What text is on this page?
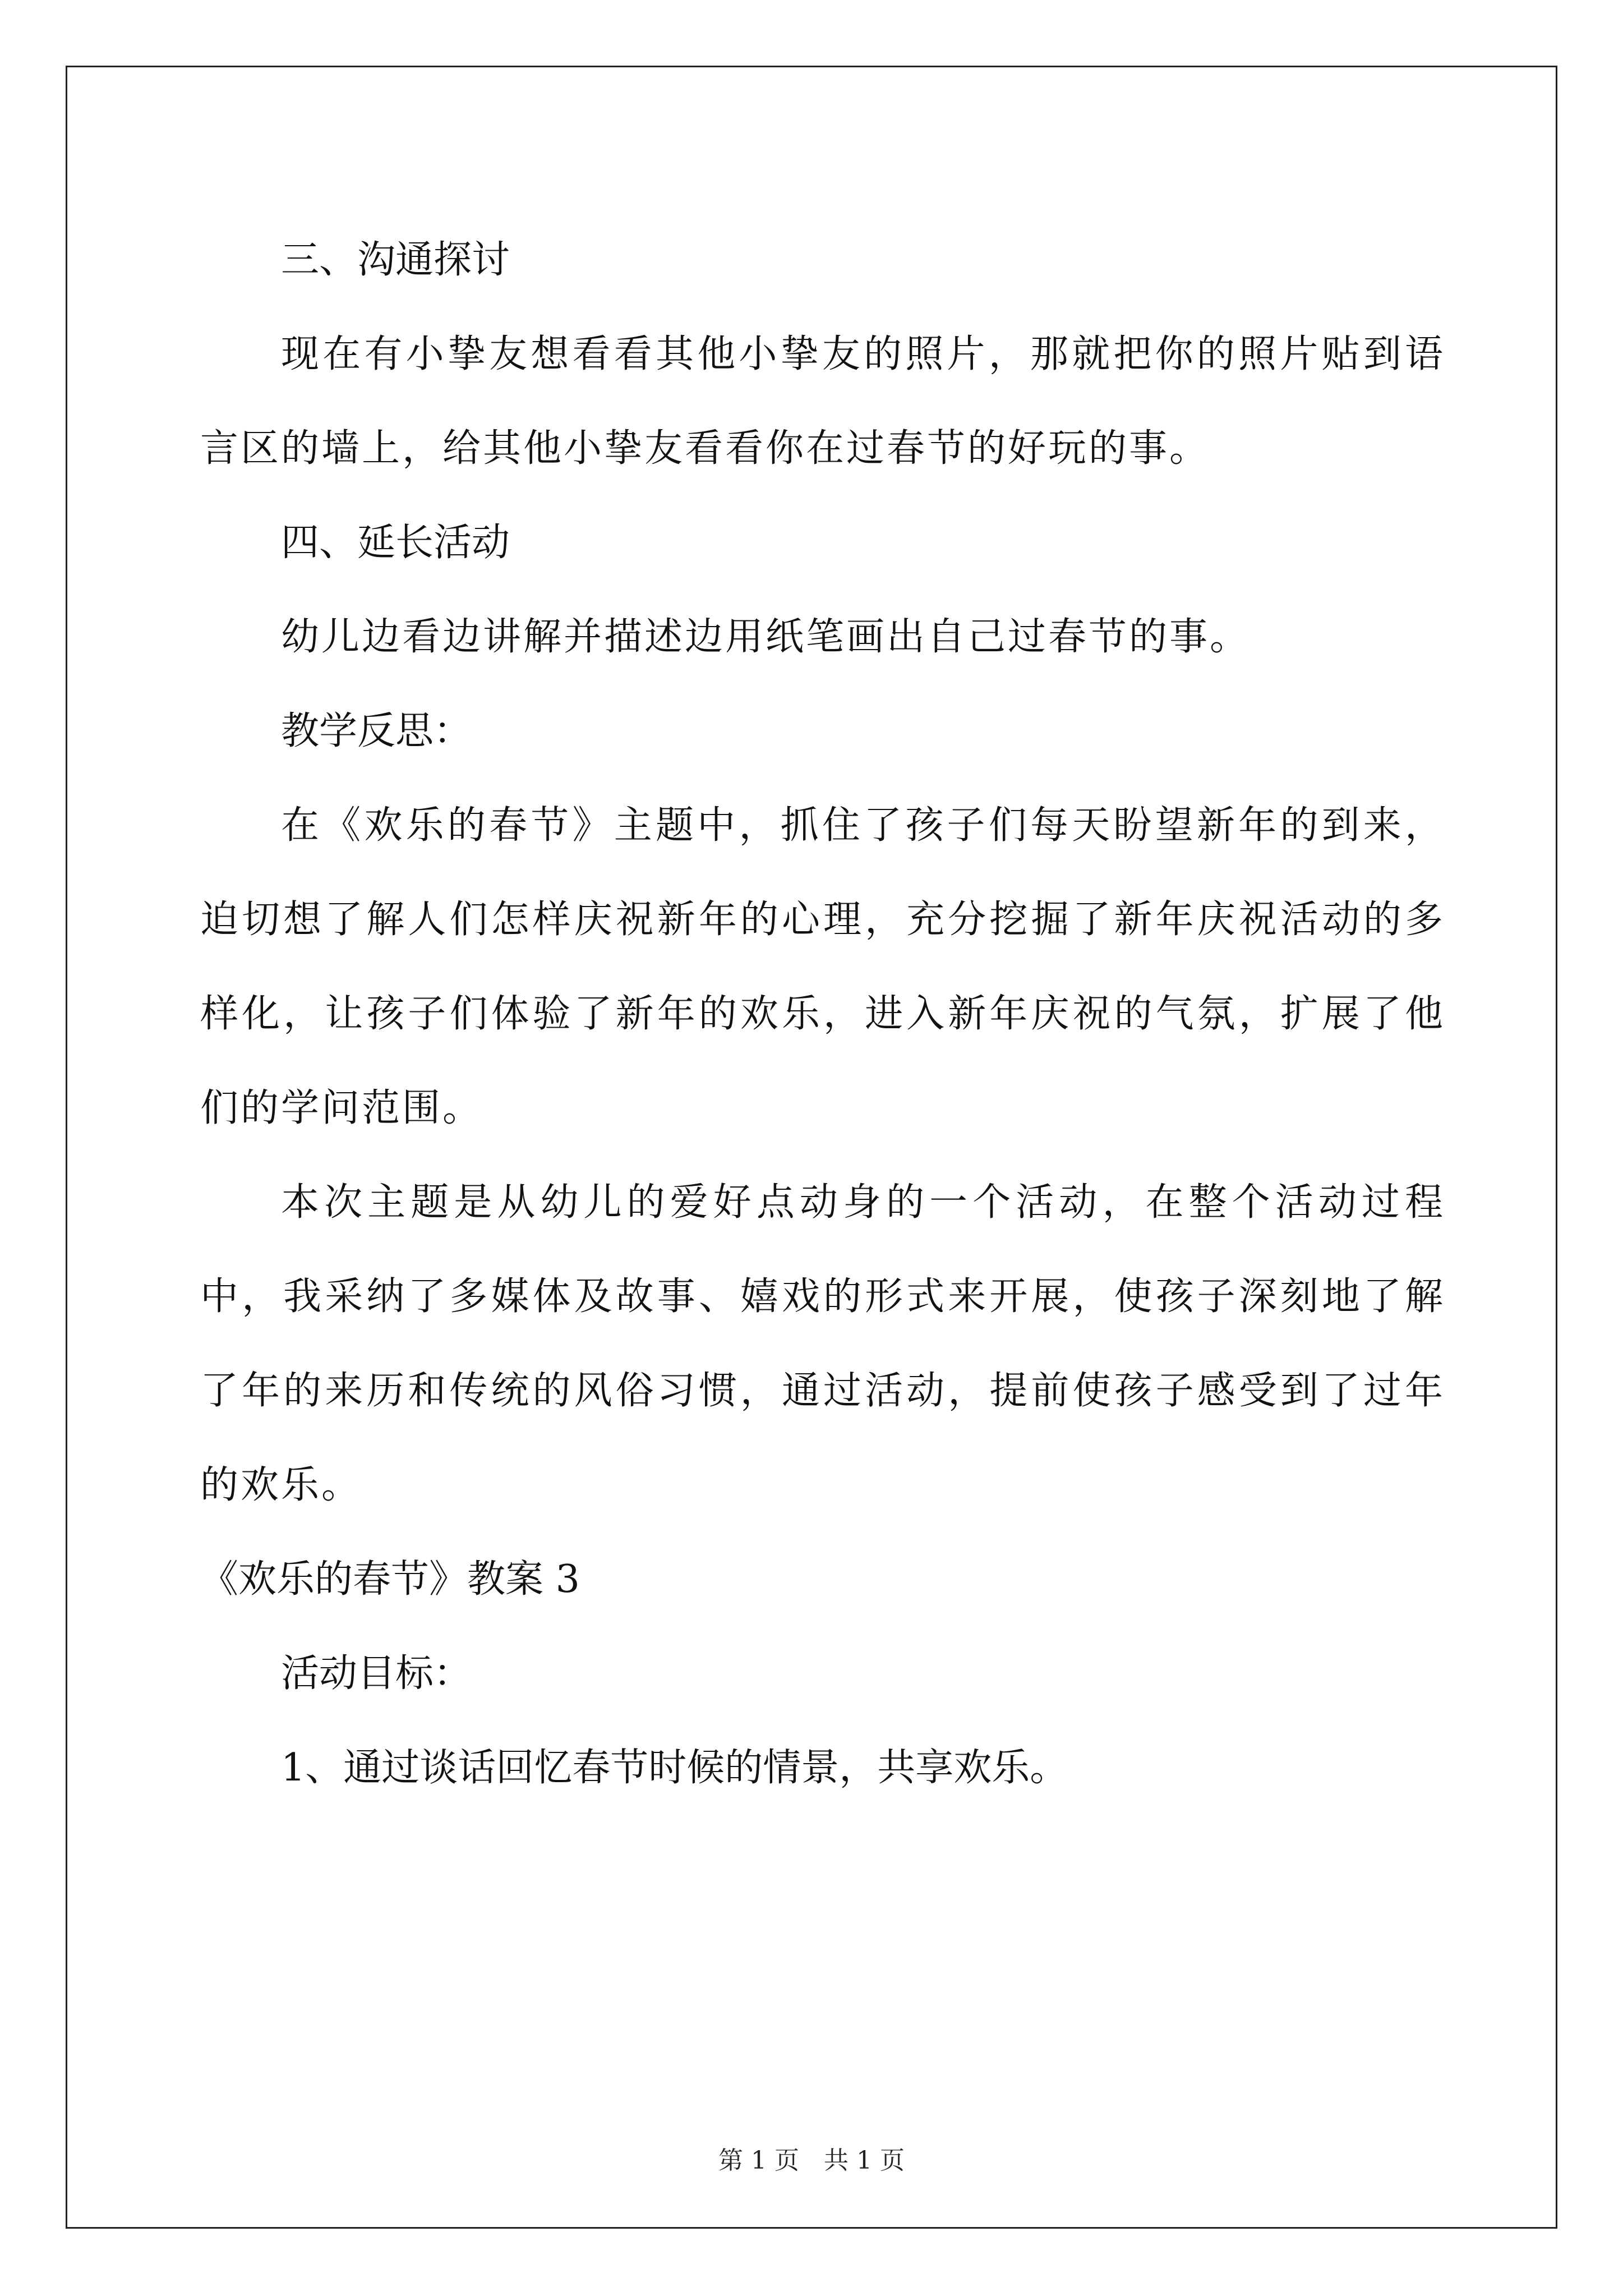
三、沟通探讨
现在有小挚友想看看其他小挚友的照片，那就把你的照片贴到语言区的墙上，给其他小挚友看看你在过春节的好玩的事。
四、延长活动
幼儿边看边讲解并描述边用纸笔画出自己过春节的事。
教学反思：
在《欢乐的春节》主题中，抓住了孩子们每天盼望新年的到来，迫切想了解人们怎样庆祝新年的心理，充分挖掘了新年庆祝活动的多样化，让孩子们体验了新年的欢乐，进入新年庆祝的气氛，扩展了他们的学问范围。
本次主题是从幼儿的爱好点动身的一个活动，在整个活动过程中，我采纳了多媒体及故事、嬉戏的形式来开展，使孩子深刻地了解了年的来历和传统的风俗习惯，通过活动，提前使孩子感受到了过年的欢乐。
《欢乐的春节》教案 3
活动目标：
1、通过谈话回忆春节时候的情景，共享欢乐。
第 1 页　共 1 页
